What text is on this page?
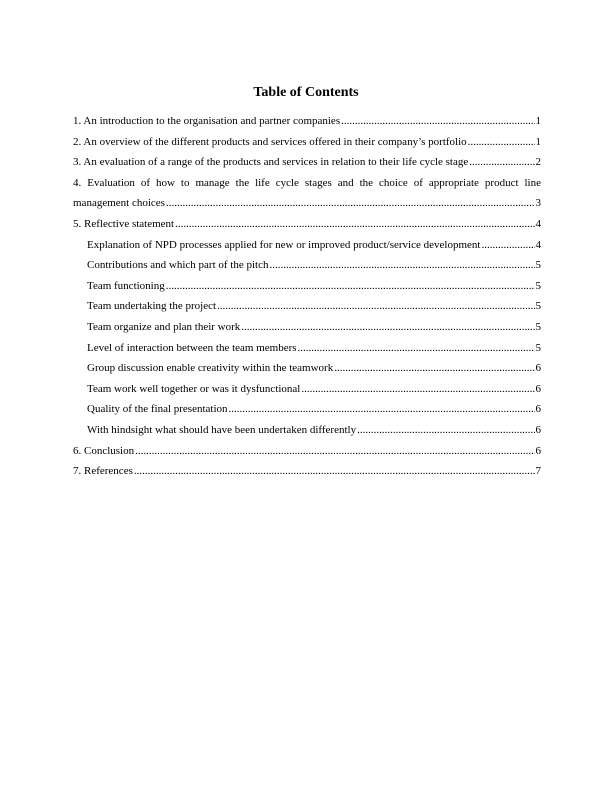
Table of Contents
1. An introduction to the organisation and partner companies .....	1
2. An overview of the different products and services offered in their company’s portfolio .....	1
3. An evaluation of a range of the products and services in relation to their life cycle stage .....	2
4. Evaluation of how to manage the life cycle stages and the choice of appropriate product line
management choices .....	3
5. Reflective statement .....	4
Explanation of NPD processes applied for new or improved product/service development .....	4
Contributions and which part of the pitch .....	5
Team functioning .....	5
Team undertaking the project .....	5
Team organize and plan their work .....	5
Level of interaction between the team members .....	5
Group discussion enable creativity within the teamwork .....	6
Team work well together or was it dysfunctional .....	6
Quality of the final presentation .....	6
With hindsight what should have been undertaken differently .....	6
6. Conclusion .....	6
7. References .....	7
